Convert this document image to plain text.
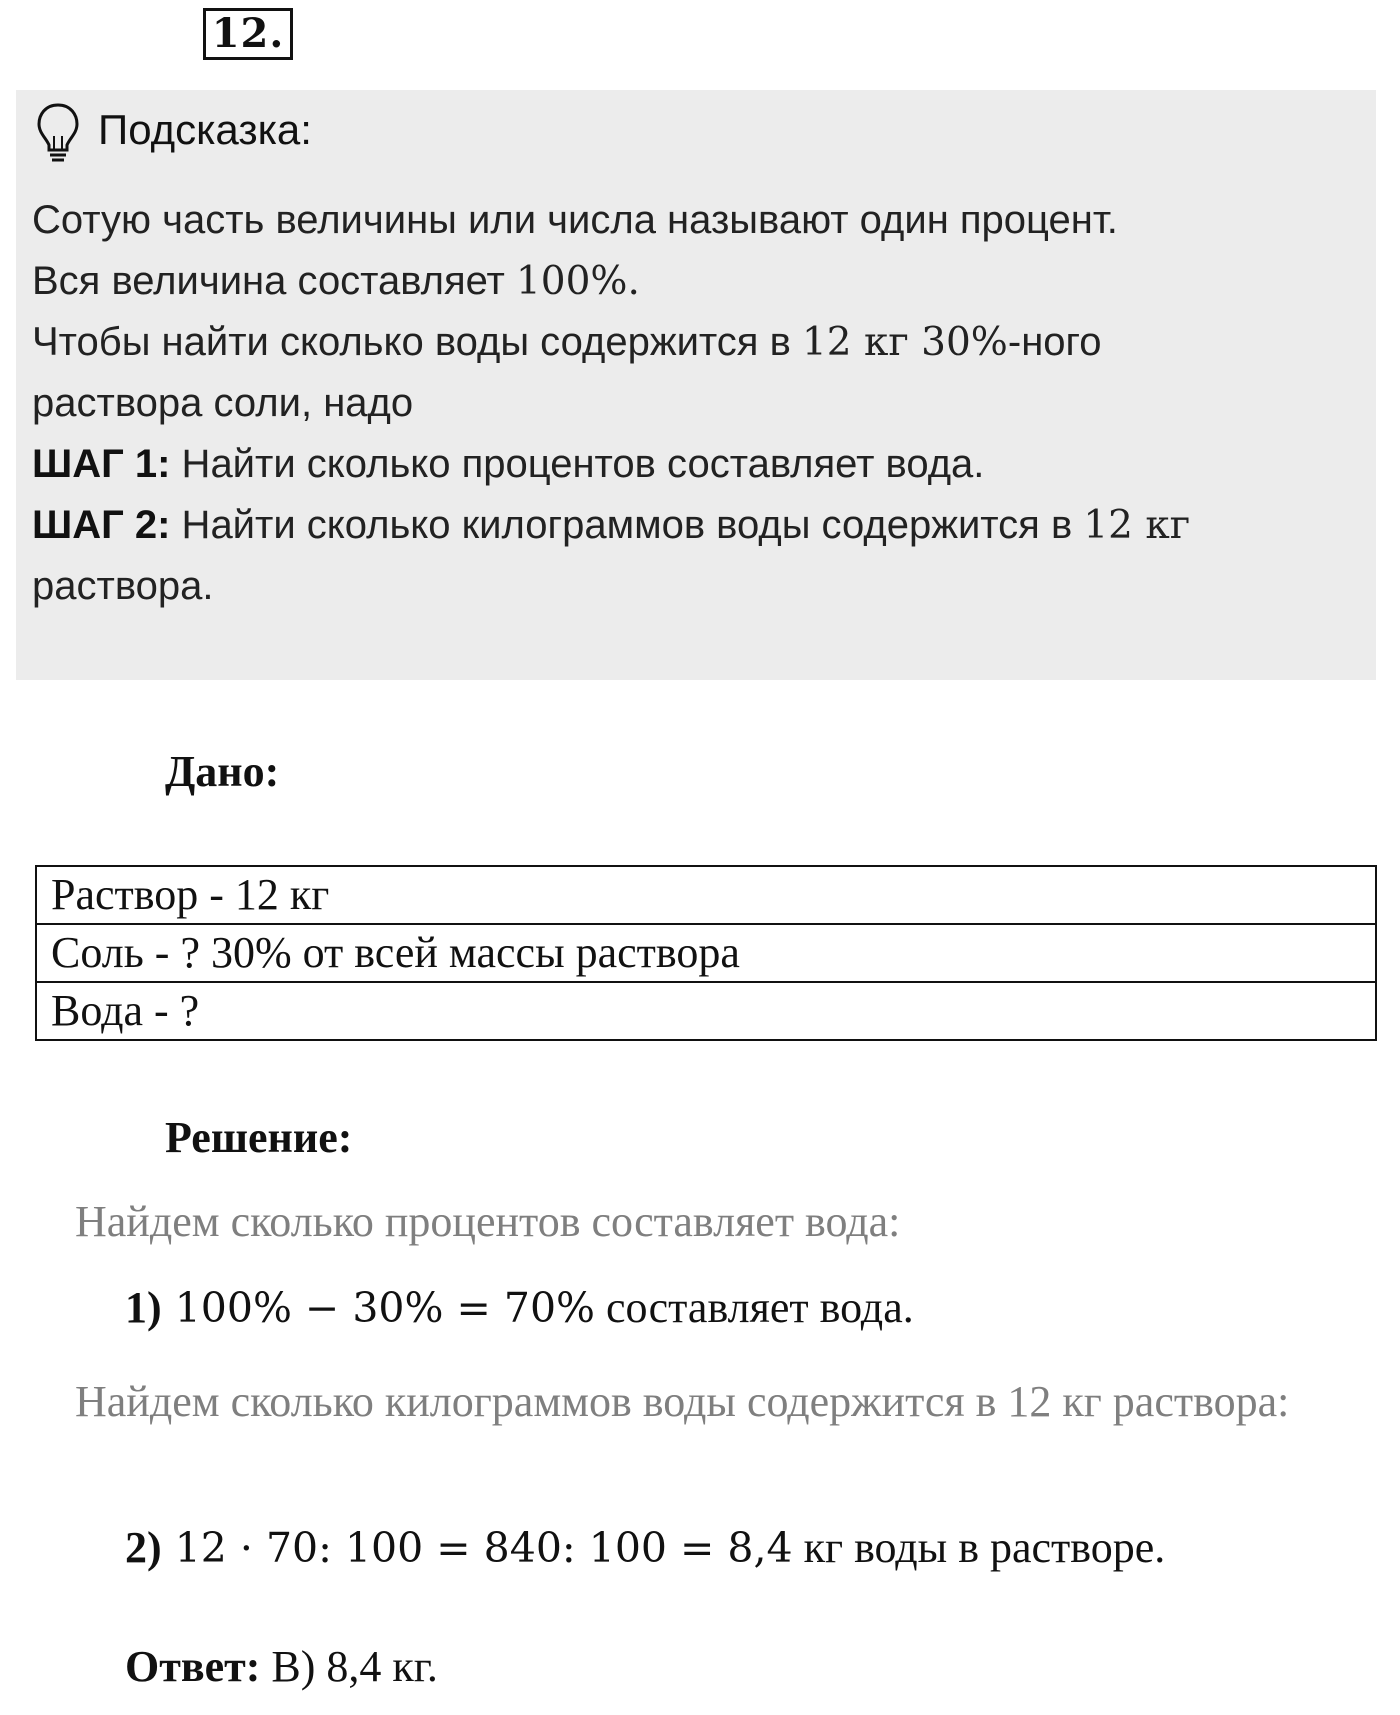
12.
Подсказка:
Сотую часть величины или числа называют один процент.
Вся величина составляет 100%.
Чтобы найти сколько воды содержится в 12 кг 30%-ного
раствора соли, надо
ШАГ 1: Найти сколько процентов составляет вода.
ШАГ 2: Найти сколько килограммов воды содержится в 12 кг
раствора.
Дано:
Раствор - 12 кг
Соль - ? 30% от всей массы раствора
Вода - ?
Решение:
Найдем сколько процентов составляет вода:
1) 100% − 30% = 70% составляет вода.
Найдем сколько килограммов воды содержится в 12 кг раствора:
2) 12 · 70: 100 = 840: 100 = 8,4 кг воды в растворе.
Ответ: В) 8,4 кг.
